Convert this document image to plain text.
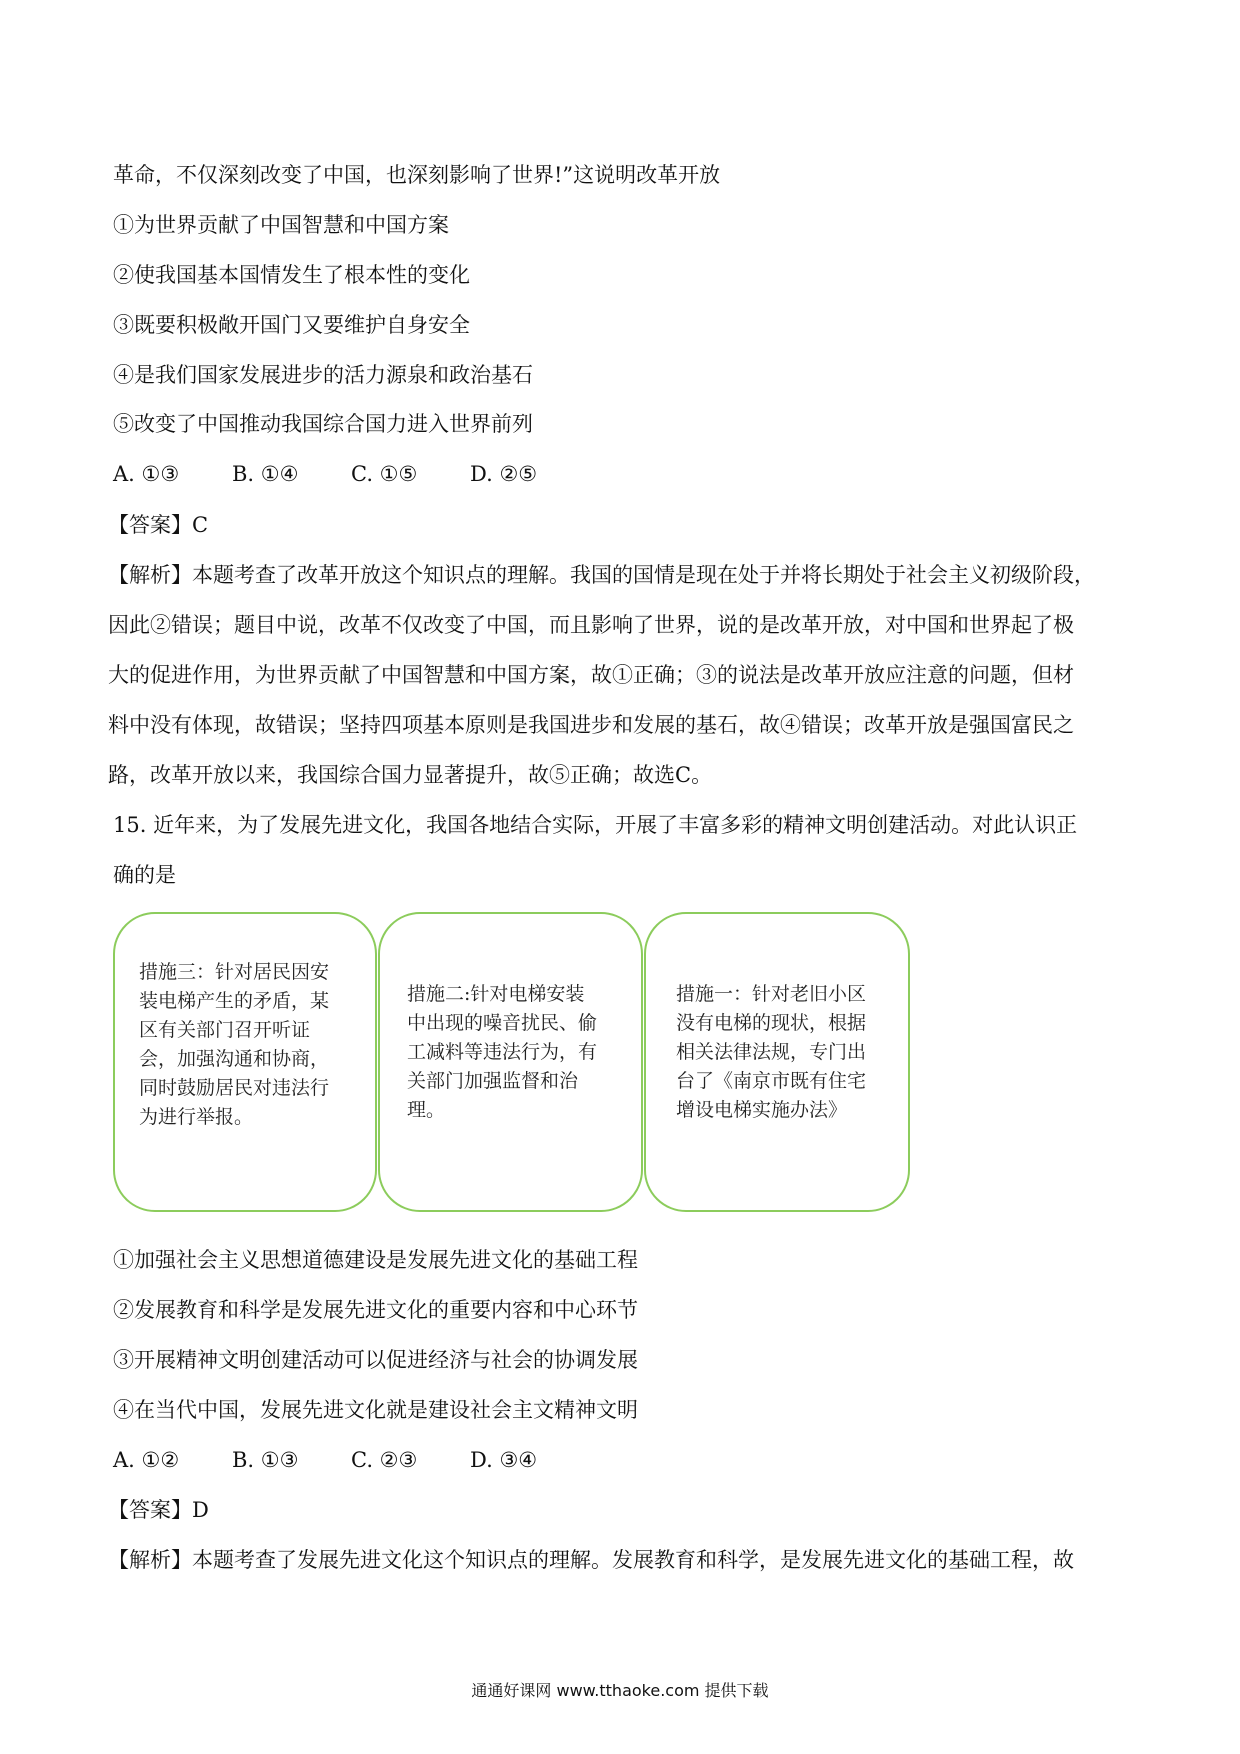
革命，不仅深刻改变了中国，也深刻影响了世界!”这说明改革开放

①为世界贡献了中国智慧和中国方案

②使我国基本国情发生了根本性的变化

③既要积极敞开国门又要维护自身安全

④是我们国家发展进步的活力源泉和政治基石

⑤改变了中国推动我国综合国力进入世界前列

A. ①③	B. ①④	C. ①⑤	D. ②⑤

【答案】C

【解析】本题考查了改革开放这个知识点的理解。我国的国情是现在处于并将长期处于社会主义初级阶段，
因此②错误；题目中说，改革不仅改变了中国，而且影响了世界，说的是改革开放，对中国和世界起了极
大的促进作用，为世界贡献了中国智慧和中国方案，故①正确；③的说法是改革开放应注意的问题，但材
料中没有体现，故错误；坚持四项基本原则是我国进步和发展的基石，故④错误；改革开放是强国富民之
路，改革开放以来，我国综合国力显著提升，故⑤正确；故选C。
15. 近年来，为了发展先进文化，我国各地结合实际，开展了丰富多彩的精神文明创建活动。对此认识正
确的是

措施三：针对居民因安装电梯产生的矛盾，某区有关部门召开听证会，加强沟通和协商，同时鼓励居民对违法行为进行举报。

措施二:针对电梯安装中出现的噪音扰民、偷工减料等违法行为，有关部门加强监督和治理。

措施一：针对老旧小区没有电梯的现状，根据相关法律法规，专门出台了《南京市既有住宅增设电梯实施办法》

①加强社会主义思想道德建设是发展先进文化的基础工程

②发展教育和科学是发展先进文化的重要内容和中心环节

③开展精神文明创建活动可以促进经济与社会的协调发展

④在当代中国，发展先进文化就是建设社会主文精神文明

A. ①②	B. ①③	C. ②③	D. ③④

【答案】D

【解析】本题考查了发展先进文化这个知识点的理解。发展教育和科学，是发展先进文化的基础工程，故

通通好课网 www.tthaoke.com 提供下载
